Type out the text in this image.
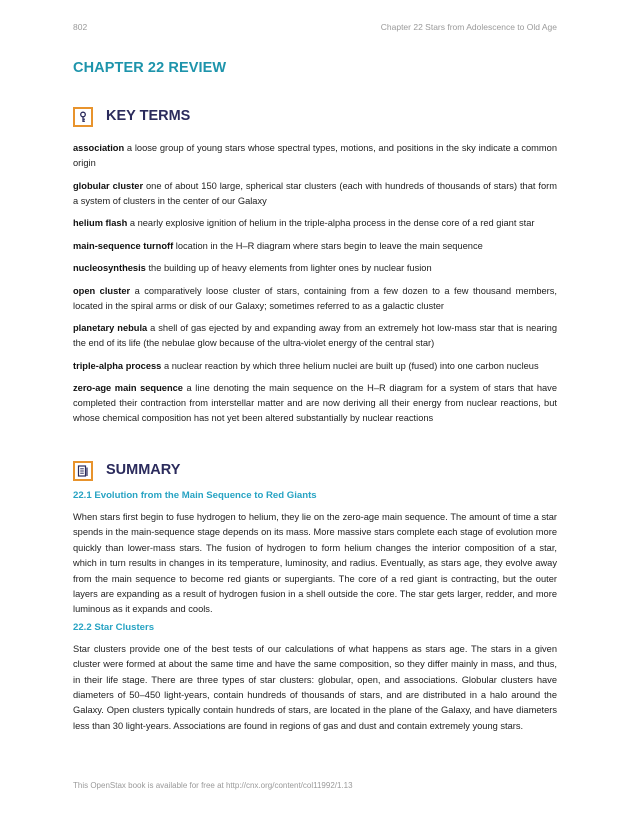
802	Chapter 22 Stars from Adolescence to Old Age
CHAPTER 22 REVIEW
KEY TERMS

association a loose group of young stars whose spectral types, motions, and positions in the sky indicate a common origin

globular cluster one of about 150 large, spherical star clusters (each with hundreds of thousands of stars) that form a system of clusters in the center of our Galaxy

helium flash a nearly explosive ignition of helium in the triple-alpha process in the dense core of a red giant star

main-sequence turnoff location in the H–R diagram where stars begin to leave the main sequence

nucleosynthesis the building up of heavy elements from lighter ones by nuclear fusion

open cluster a comparatively loose cluster of stars, containing from a few dozen to a few thousand members, located in the spiral arms or disk of our Galaxy; sometimes referred to as a galactic cluster

planetary nebula a shell of gas ejected by and expanding away from an extremely hot low-mass star that is nearing the end of its life (the nebulae glow because of the ultra-violet energy of the central star)

triple-alpha process a nuclear reaction by which three helium nuclei are built up (fused) into one carbon nucleus

zero-age main sequence a line denoting the main sequence on the H–R diagram for a system of stars that have completed their contraction from interstellar matter and are now deriving all their energy from nuclear reactions, but whose chemical composition has not yet been altered substantially by nuclear reactions

SUMMARY
22.1 Evolution from the Main Sequence to Red Giants

When stars first begin to fuse hydrogen to helium, they lie on the zero-age main sequence. The amount of time a star spends in the main-sequence stage depends on its mass. More massive stars complete each stage of evolution more quickly than lower-mass stars. The fusion of hydrogen to form helium changes the interior composition of a star, which in turn results in changes in its temperature, luminosity, and radius. Eventually, as stars age, they evolve away from the main sequence to become red giants or supergiants. The core of a red giant is contracting, but the outer layers are expanding as a result of hydrogen fusion in a shell outside the core. The star gets larger, redder, and more luminous as it expands and cools.

22.2 Star Clusters

Star clusters provide one of the best tests of our calculations of what happens as stars age. The stars in a given cluster were formed at about the same time and have the same composition, so they differ mainly in mass, and thus, in their life stage. There are three types of star clusters: globular, open, and associations. Globular clusters have diameters of 50–450 light-years, contain hundreds of thousands of stars, and are distributed in a halo around the Galaxy. Open clusters typically contain hundreds of stars, are located in the plane of the Galaxy, and have diameters less than 30 light-years. Associations are found in regions of gas and dust and contain extremely young stars.

This OpenStax book is available for free at http://cnx.org/content/col11992/1.13
